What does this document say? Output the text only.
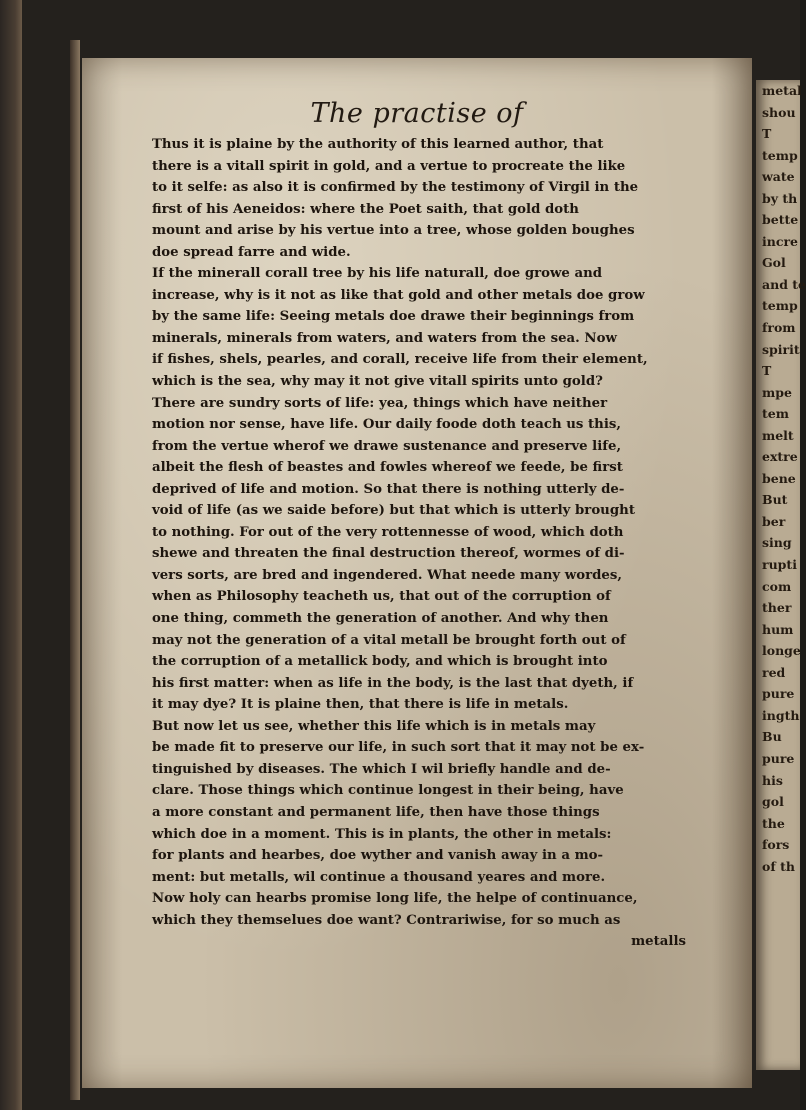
The practise of

Thus it is plaine by the authority of this learned author, that
there is a vitall spirit in gold, and a vertue to procreate the like
to it selfe: as also it is confirmed by the testimony of Virgil in the
first of his Aeneidos: where the Poet saith, that gold doth
mount and arise by his vertue into a tree, whose golden boughes
doe spread farre and wide.

If the minerall corall tree by his life naturall, doe growe and
increase, why is it not as like that gold and other metals doe grow
by the same life: Seeing metals doe drawe their beginnings from
minerals, minerals from waters, and waters from the sea. Now
if fishes, shels, pearles, and corall, receive life from their element,
which is the sea, why may it not give vitall spirits unto gold?
There are sundry sorts of life: yea, things which have neither
motion nor sense, have life. Our daily foode doth teach us this,
from the vertue wherof we drawe sustenance and preserve life,
albeit the flesh of beastes and fowles whereof we feede, be first
deprived of life and motion. So that there is nothing utterly de-
void of life (as we saide before) but that which is utterly brought
to nothing. For out of the very rottennesse of wood, which doth
shewe and threaten the final destruction thereof, wormes of di-
vers sorts, are bred and ingendered. What neede many wordes,
when as Philosophy teacheth us, that out of the corruption of
one thing, commeth the generation of another. And why then
may not the generation of a vital metall be brought forth out of
the corruption of a metallick body, and which is brought into
his first matter: when as life in the body, is the last that dyeth, if
it may dye? It is plaine then, that there is life in metals.

But now let us see, whether this life which is in metals may
be made fit to preserve our life, in such sort that it may not be ex-
tinguished by diseases. The which I wil briefly handle and de-
clare. Those things which continue longest in their being, have
a more constant and permanent life, then have those things
which doe in a moment. This is in plants, the other in metals:
for plants and hearbes, doe wyther and vanish away in a mo-
ment: but metalls, wil continue a thousand yeares and more.
Now holy can hearbs promise long life, the helpe of continuance,
which they themselues doe want? Contrariwise, for so much as
metalls

metal
shou
T
temp
wate
by th
bette
incre
Gol
and te
temp
from
spirit
T
mpe
tem
melt
extre
bene
But
ber
sing
rupti
com
ther
hum
longe
red
pure
ingth
Bu
pure
his
gol
the
fors
of th
